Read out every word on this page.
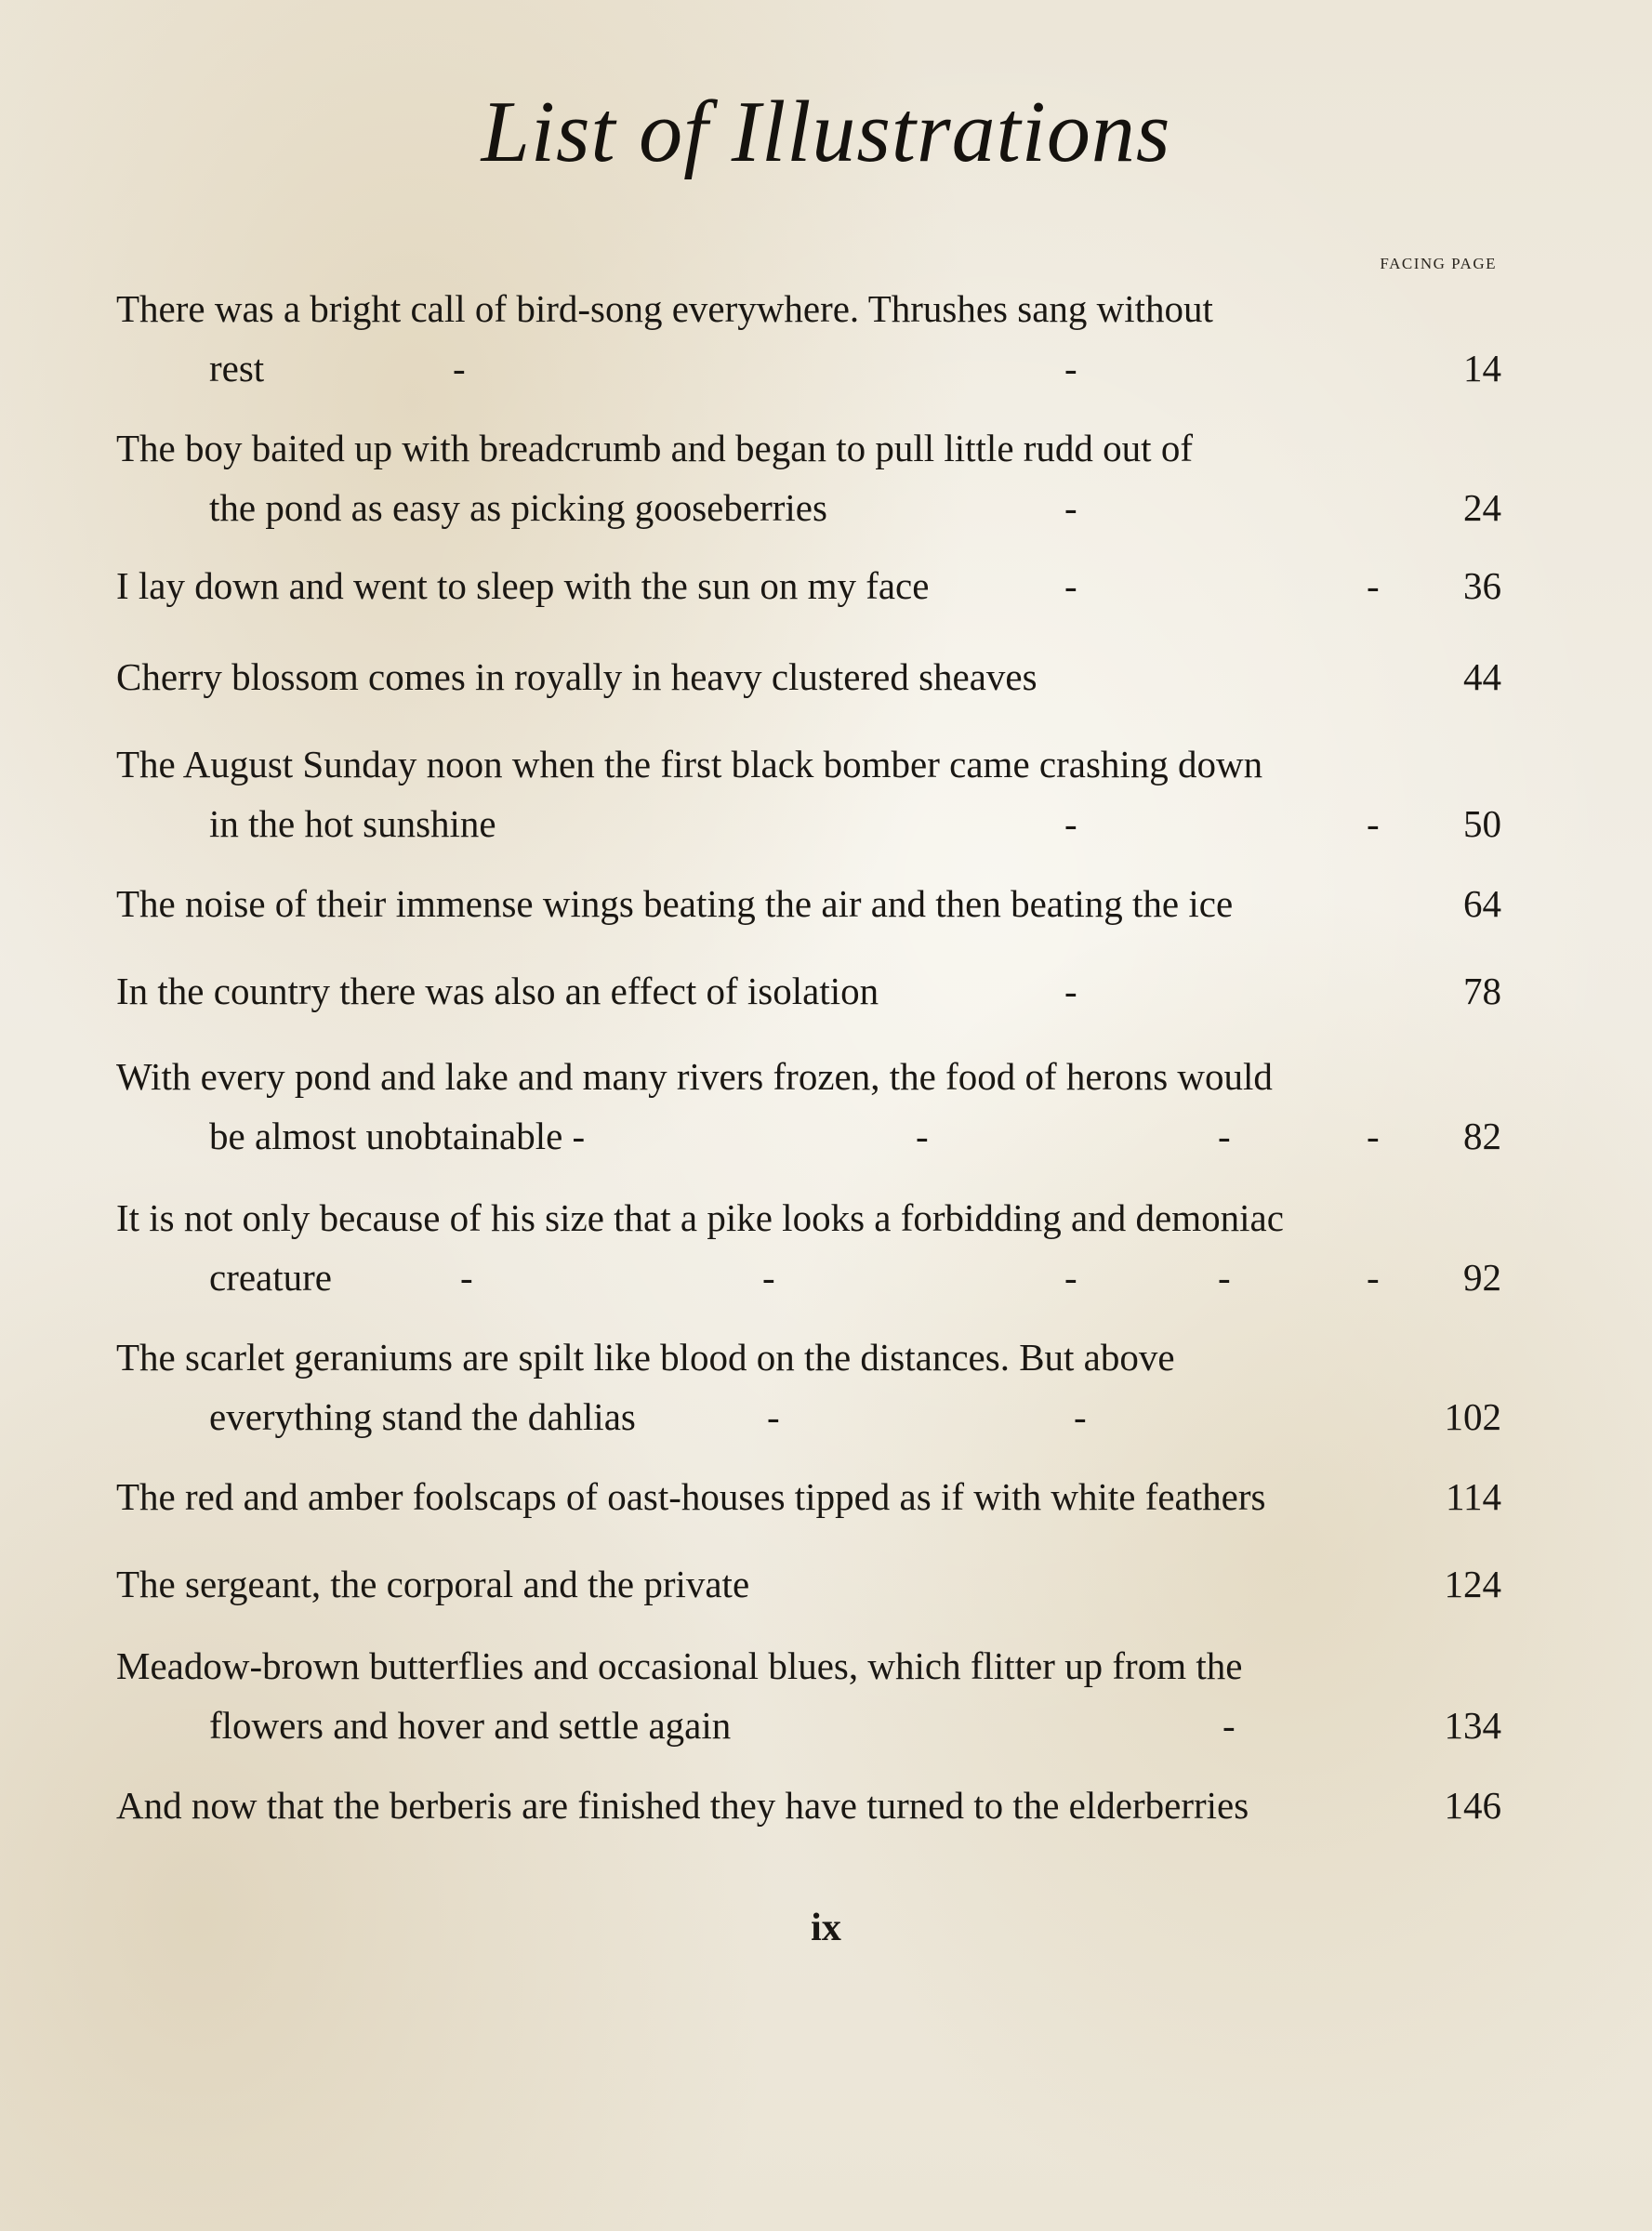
List of Illustrations
FACING PAGE
There was a bright call of bird-song everywhere. Thrushes sang without
rest	-	-	14
The boy baited up with breadcrumb and began to pull little rudd out of
the pond as easy as picking gooseberries	-	24
I lay down and went to sleep with the sun on my face	-	- 36
Cherry blossom comes in royally in heavy clustered sheaves	44
The August Sunday noon when the first black bomber came crashing down
in the hot sunshine	-	- 50
The noise of their immense wings beating the air and then beating the ice	64
In the country there was also an effect of isolation	-	78
With every pond and lake and many rivers frozen, the food of herons would
be almost unobtainable -	-	-	- 82
It is not only because of his size that a pike looks a forbidding and demoniac
creature	-	-	-	-	- 92
The scarlet geraniums are spilt like blood on the distances. But above
everything stand the dahlias	-	-	102
The red and amber foolscaps of oast-houses tipped as if with white feathers	114
The sergeant, the corporal and the private	124
Meadow-brown butterflies and occasional blues, which flitter up from the
flowers and hover and settle again	-	134
And now that the berberis are finished they have turned to the elderberries	146
ix
